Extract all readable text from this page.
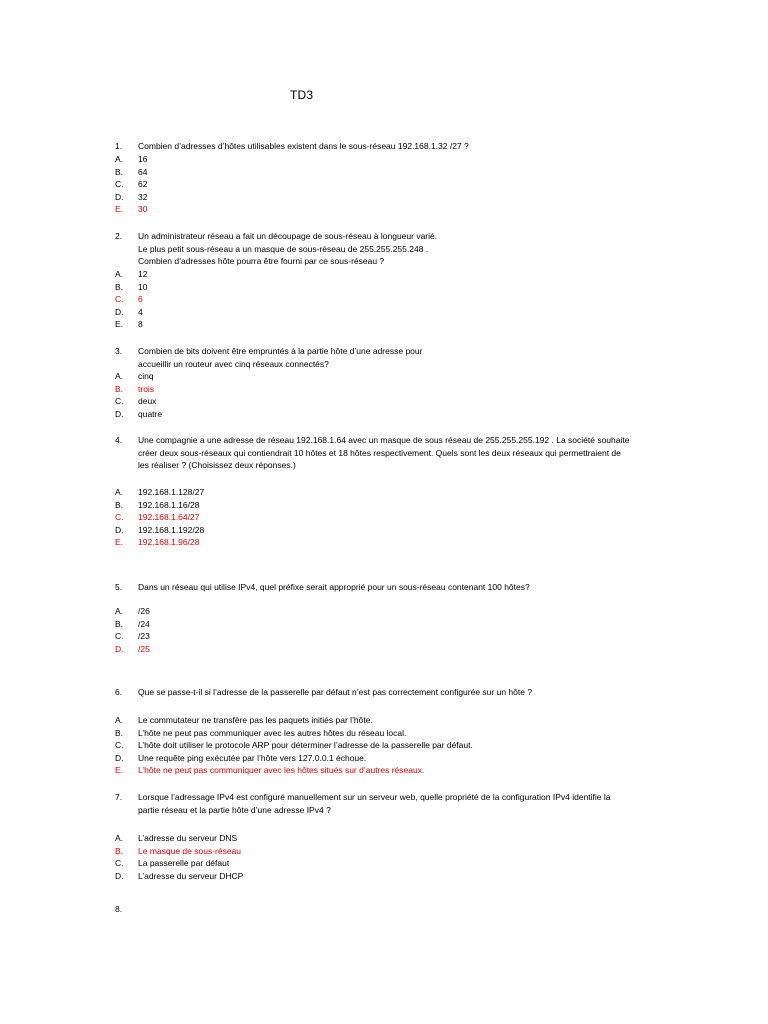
TD3
1. Combien d’adresses d’hôtes utilisables existent dans le sous-réseau 192.168.1.32 /27 ?
A. 16
B. 64
C. 62
D. 32
E. 30
2. Un administrateur réseau a fait un découpage de sous-réseau à longueur varié.
Le plus petit sous-réseau a un masque de sous-réseau de 255.255.255.248 .
Combien d’adresses hôte pourra être fourni par ce sous-réseau ?
A. 12
B. 10
C. 6
D. 4
E. 8
3. Combien de bits doivent être empruntés à la partie hôte d’une adresse pour
accueillir un routeur avec cinq réseaux connectés?
A. cinq
B. trois
C. deux
D. quatre
4. Une compagnie a une adresse de réseau 192.168.1.64 avec un masque de sous réseau de 255.255.255.192 . La société souhaite
créer deux sous-réseaux qui contiendrait 10 hôtes et 18 hôtes respectivement. Quels sont les deux réseaux qui permettraient de
les réaliser ? (Choisissez deux réponses.)
A. 192.168.1.128/27
B. 192.168.1.16/28
C. 192.168.1.64/27
D. 192.168.1.192/28
E. 192.168.1.96/28
5. Dans un réseau qui utilise IPv4, quel préfixe serait approprié pour un sous-réseau contenant 100 hôtes?
A. /26
B. /24
C. /23
D. /25
6. Que se passe-t-il si l’adresse de la passerelle par défaut n’est pas correctement configurée sur un hôte ?
A. Le commutateur ne transfère pas les paquets initiés par l’hôte.
B. L’hôte ne peut pas communiquer avec les autres hôtes du réseau local.
C. L’hôte doit utiliser le protocole ARP pour déterminer l’adresse de la passerelle par défaut.
D. Une requête ping exécutée par l’hôte vers 127.0.0.1 échoue.
E. L’hôte ne peut pas communiquer avec les hôtes situés sur d’autres réseaux.
7. Lorsque l’adressage IPv4 est configuré manuellement sur un serveur web, quelle propriété de la configuration IPv4 identifie la
partie réseau et la partie hôte d’une adresse IPv4 ?
A. L’adresse du serveur DNS
B. Le masque de sous-réseau
C. La passerelle par défaut
D. L’adresse du serveur DHCP
8.
